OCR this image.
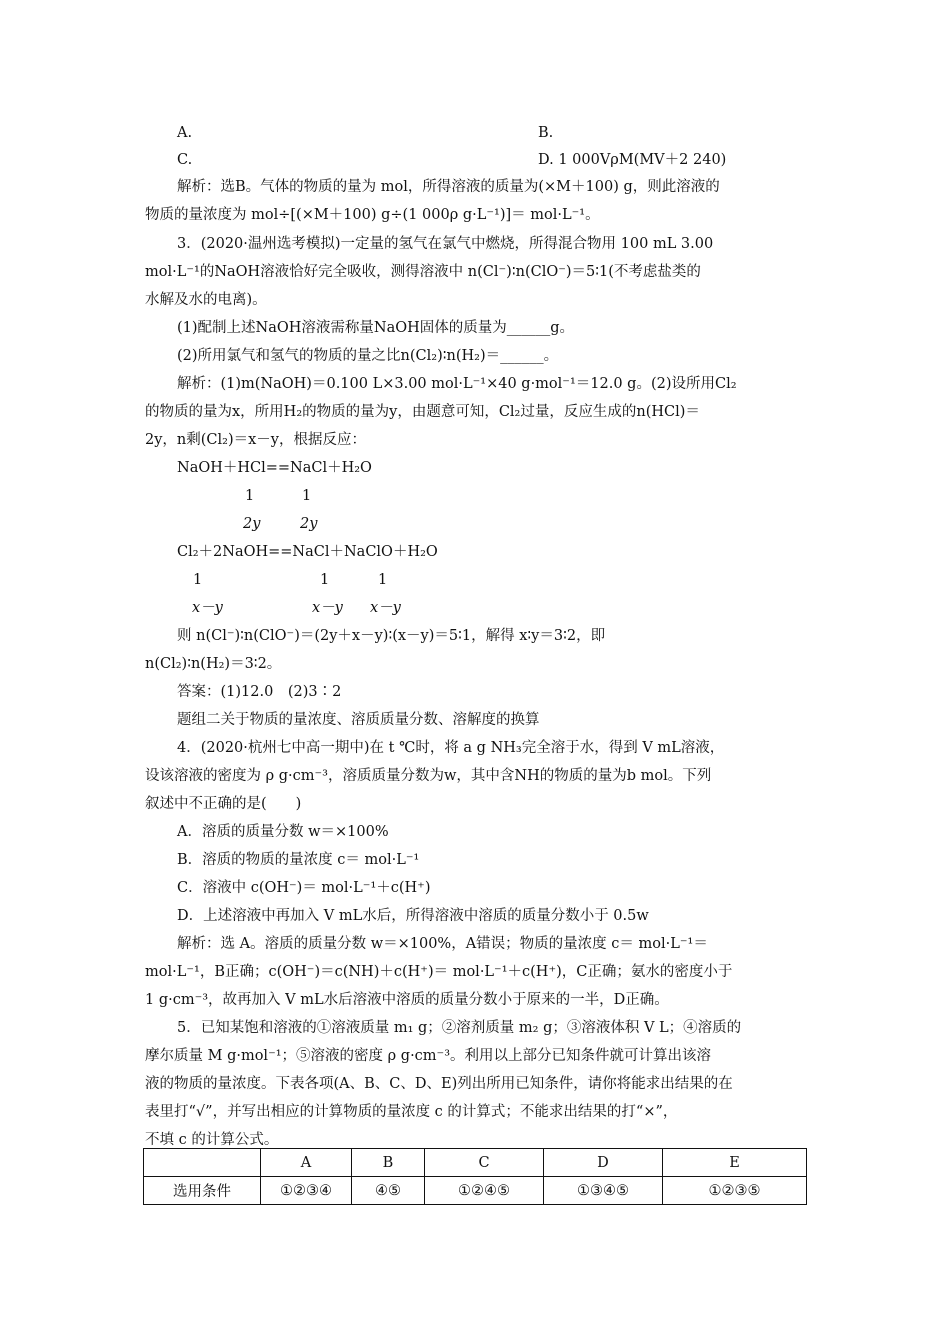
A.	B.
C.	D. 1 000VρM(MV＋2 240)
解析：选B。气体的物质的量为 mol，所得溶液的质量为(×M＋100) g，则此溶液的
物质的量浓度为 mol÷[(×M＋100) g÷(1 000ρ g·L⁻¹)]＝ mol·L⁻¹。
3．(2020·温州选考模拟)一定量的氢气在氯气中燃烧，所得混合物用 100 mL 3.00
mol·L⁻¹的NaOH溶液恰好完全吸收，测得溶液中 n(Cl⁻)∶n(ClO⁻)＝5∶1(不考虑盐类的
水解及水的电离)。
(1)配制上述NaOH溶液需称量NaOH固体的质量为______g。
(2)所用氯气和氢气的物质的量之比n(Cl₂)∶n(H₂)＝______。
解析：(1)m(NaOH)＝0.100 L×3.00 mol·L⁻¹×40 g·mol⁻¹＝12.0 g。(2)设所用Cl₂
的物质的量为x，所用H₂的物质的量为y，由题意可知，Cl₂过量，反应生成的n(HCl)＝
2y，n剩(Cl₂)＝x－y，根据反应：
NaOH＋HCl==NaCl＋H₂O
1	1
2y	2y
Cl₂＋2NaOH==NaCl＋NaClO＋H₂O
1	1	1
x－y	x－y x－y
则 n(Cl⁻)∶n(ClO⁻)＝(2y＋x－y)∶(x－y)＝5∶1，解得 x∶y＝3∶2，即
n(Cl₂)∶n(H₂)＝3∶2。
答案：(1)12.0　(2)3∶2
题组二关于物质的量浓度、溶质质量分数、溶解度的换算
4．(2020·杭州七中高一期中)在 t ℃时，将 a g NH₃完全溶于水，得到 V mL溶液，
设该溶液的密度为 ρ g·cm⁻³，溶质质量分数为w，其中含NH的物质的量为b mol。下列
叙述中不正确的是(　　)
A．溶质的质量分数 w＝×100%
B．溶质的物质的量浓度 c＝ mol·L⁻¹
C．溶液中 c(OH⁻)＝ mol·L⁻¹＋c(H⁺)
D．上述溶液中再加入 V mL水后，所得溶液中溶质的质量分数小于 0.5w
解析：选 A。溶质的质量分数 w＝×100%，A错误；物质的量浓度 c＝ mol·L⁻¹＝
mol·L⁻¹，B正确；c(OH⁻)＝c(NH)＋c(H⁺)＝ mol·L⁻¹＋c(H⁺)，C正确；氨水的密度小于
1 g·cm⁻³，故再加入 V mL水后溶液中溶质的质量分数小于原来的一半，D正确。
5．已知某饱和溶液的①溶液质量 m₁ g；②溶剂质量 m₂ g；③溶液体积 V L；④溶质的
摩尔质量 M g·mol⁻¹；⑤溶液的密度 ρ g·cm⁻³。利用以上部分已知条件就可计算出该溶
液的物质的量浓度。下表各项(A、B、C、D、E)列出所用已知条件，请你将能求出结果的在
表里打“√”，并写出相应的计算物质的量浓度 c 的计算式；不能求出结果的打“×”，
不填 c 的计算公式。
	A	B	C	D	E
选用条件	①②③④	④⑤	①②④⑤	①③④⑤	①②③⑤
